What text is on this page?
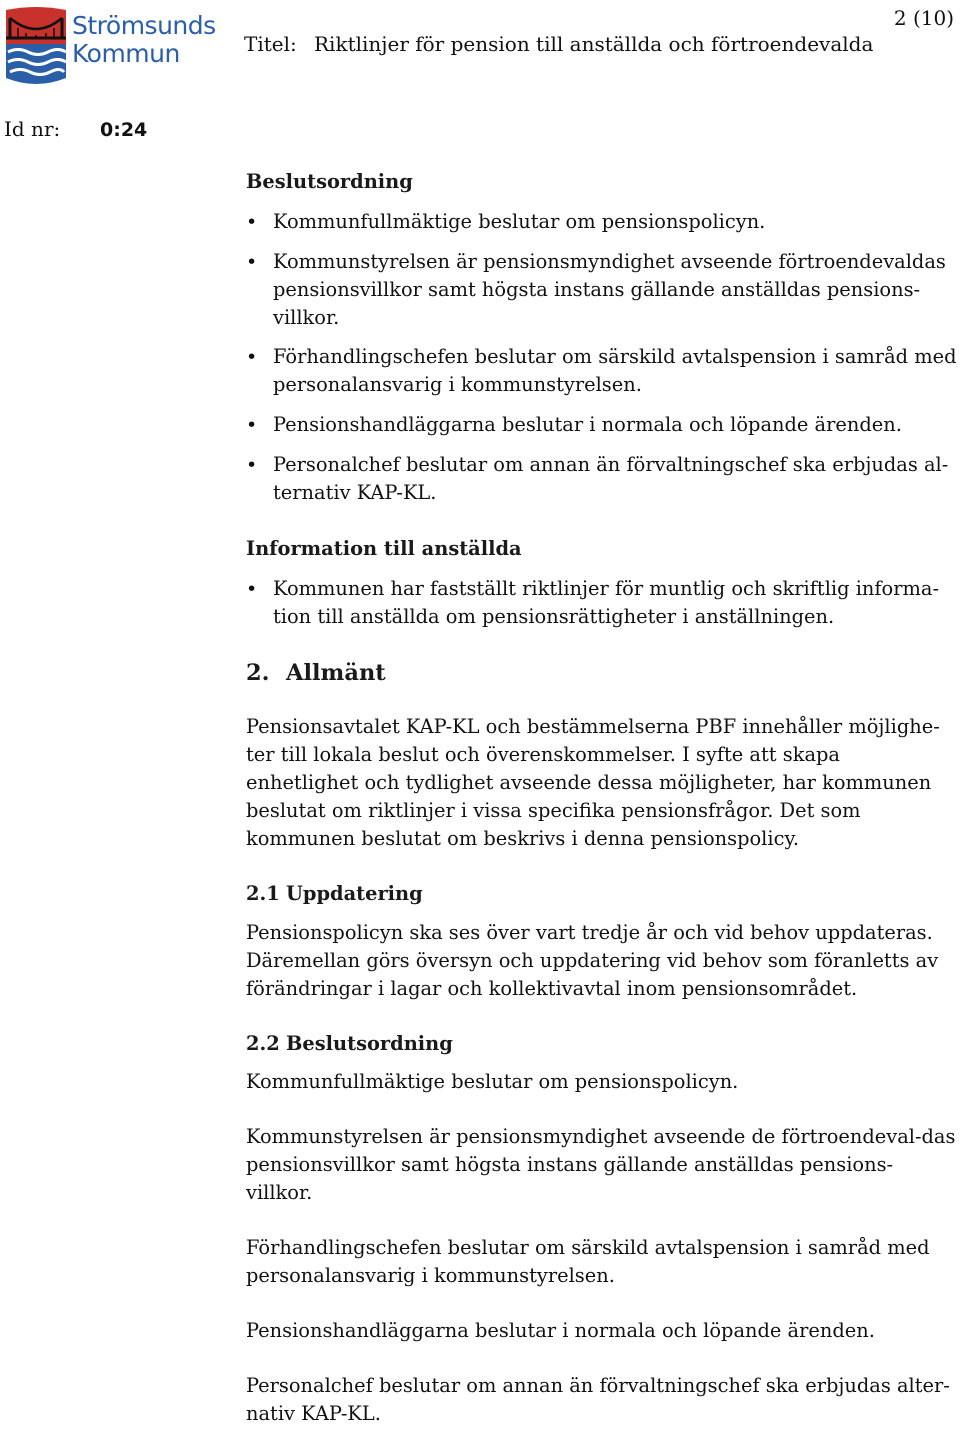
Strömsunds
Kommun	Titel: Riktlinjer för pension till anställda och förtroendevalda
2 (10)
Id nr: 0:24
Beslutsordning
• Kommunfullmäktige beslutar om pensionspolicyn.
• Kommunstyrelsen är pensionsmyndighet avseende förtroendevaldas pensionsvillkor samt högsta instans gällande anställdas pensions-villkor.
• Förhandlingschefen beslutar om särskild avtalspension i samråd med personalansvarig i kommunstyrelsen.
• Pensionshandläggarna beslutar i normala och löpande ärenden.
• Personalchef beslutar om annan än förvaltningschef ska erbjudas al-ternativ KAP-KL.
Information till anställda
• Kommunen har fastställt riktlinjer för muntlig och skriftlig informa-tion till anställda om pensionsrättigheter i anställningen.
2. Allmänt

Pensionsavtalet KAP-KL och bestämmelserna PBF innehåller möjlighe-ter till lokala beslut och överenskommelser. I syfte att skapa enhetlighet och tydlighet avseende dessa möjligheter, har kommunen beslutat om riktlinjer i vissa specifika pensionsfrågor. Det som kommunen beslutat om beskrivs i denna pensionspolicy.

2.1 Uppdatering

Pensionspolicyn ska ses över vart tredje år och vid behov uppdateras. Däremellan görs översyn och uppdatering vid behov som föranletts av förändringar i lagar och kollektivavtal inom pensionsområdet.

2.2 Beslutsordning

Kommunfullmäktige beslutar om pensionspolicyn.

Kommunstyrelsen är pensionsmyndighet avseende de förtroendeval-das pensionsvillkor samt högsta instans gällande anställdas pensions-villkor.

Förhandlingschefen beslutar om särskild avtalspension i samråd med personalansvarig i kommunstyrelsen.

Pensionshandläggarna beslutar i normala och löpande ärenden.

Personalchef beslutar om annan än förvaltningschef ska erbjudas alter-nativ KAP-KL.
